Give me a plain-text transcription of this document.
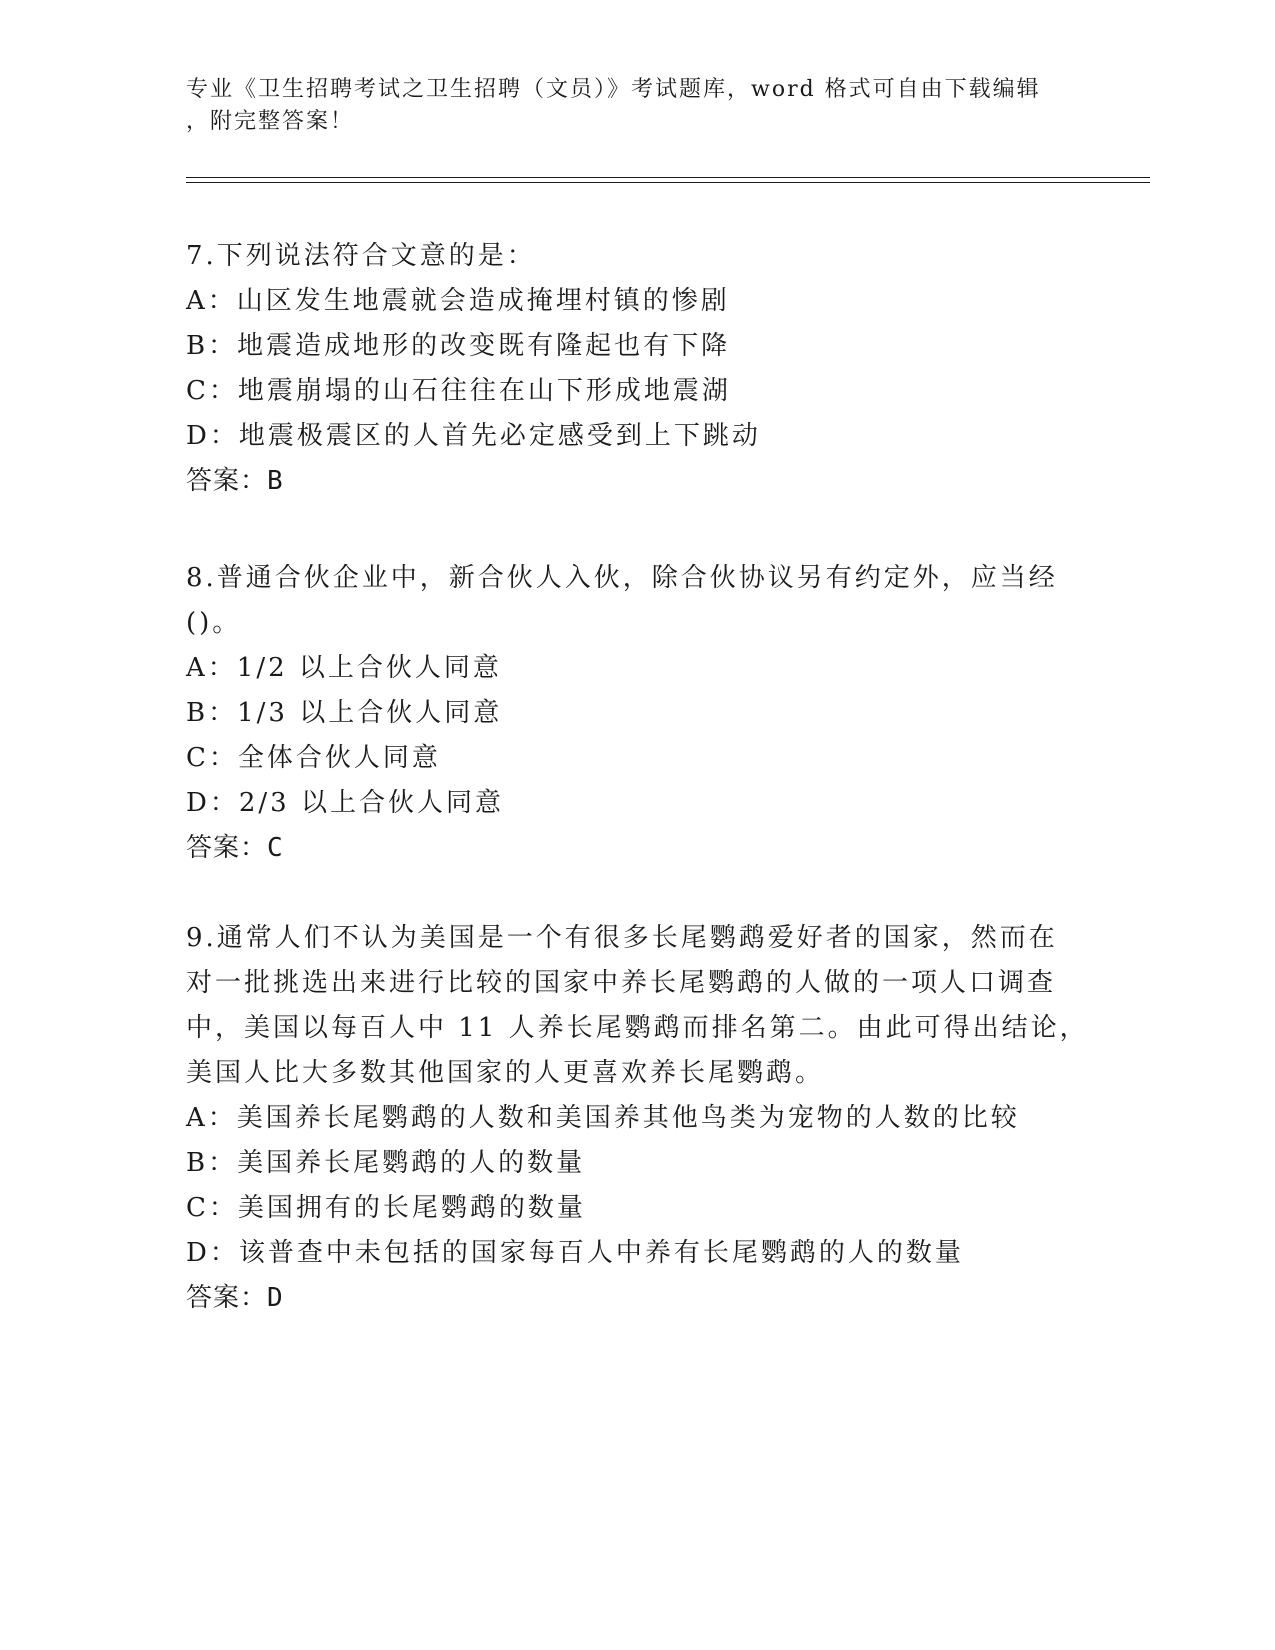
专业《卫生招聘考试之卫生招聘（文员）》考试题库，word 格式可自由下载编辑
，附完整答案！
7.下列说法符合文意的是：
A：山区发生地震就会造成掩埋村镇的惨剧
B：地震造成地形的改变既有隆起也有下降
C：地震崩塌的山石往往在山下形成地震湖
D：地震极震区的人首先必定感受到上下跳动
答案：B
8.普通合伙企业中，新合伙人入伙，除合伙协议另有约定外，应当经
()。
A：1/2 以上合伙人同意
B：1/3 以上合伙人同意
C：全体合伙人同意
D：2/3 以上合伙人同意
答案：C
9.通常人们不认为美国是一个有很多长尾鹦鹉爱好者的国家，然而在
对一批挑选出来进行比较的国家中养长尾鹦鹉的人做的一项人口调查
中，美国以每百人中 11 人养长尾鹦鹉而排名第二。由此可得出结论，
美国人比大多数其他国家的人更喜欢养长尾鹦鹉。
A：美国养长尾鹦鹉的人数和美国养其他鸟类为宠物的人数的比较
B：美国养长尾鹦鹉的人的数量
C：美国拥有的长尾鹦鹉的数量
D：该普查中未包括的国家每百人中养有长尾鹦鹉的人的数量
答案：D
